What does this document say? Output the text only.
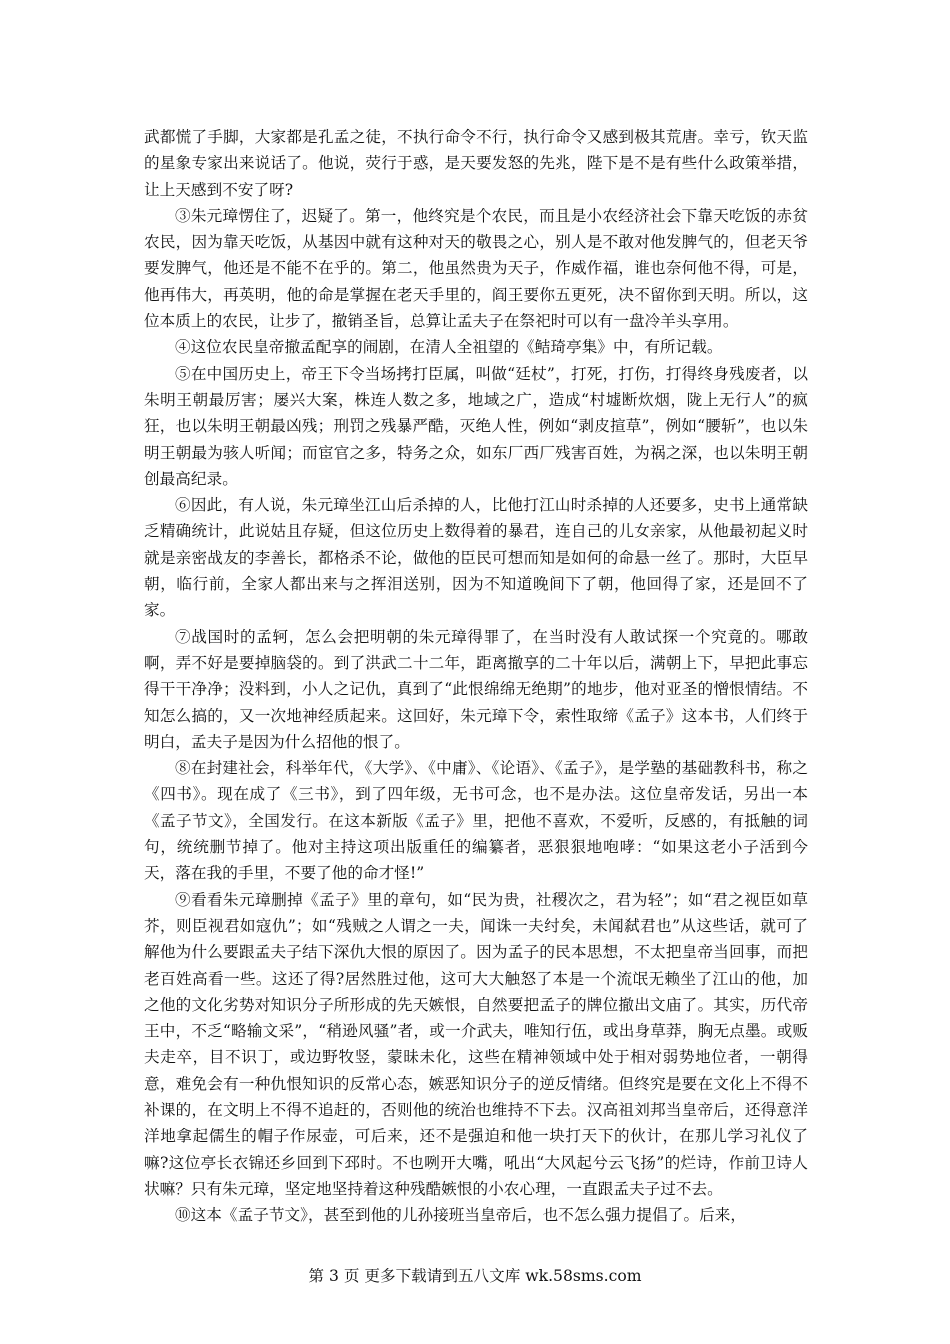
武都慌了手脚，大家都是孔孟之徒，不执行命令不行，执行命令又感到极其荒唐。幸亏，钦天监的星象专家出来说话了。他说，荧行于惑，是天要发怒的先兆，陛下是不是有些什么政策举措，让上天感到不安了呀?

③朱元璋愣住了，迟疑了。第一，他终究是个农民，而且是小农经济社会下靠天吃饭的赤贫农民，因为靠天吃饭，从基因中就有这种对天的敬畏之心，别人是不敢对他发脾气的，但老天爷要发脾气，他还是不能不在乎的。第二，他虽然贵为天子，作威作福，谁也奈何他不得，可是，他再伟大，再英明，他的命是掌握在老天手里的，阎王要你五更死，决不留你到天明。所以，这位本质上的农民，让步了，撤销圣旨，总算让孟夫子在祭祀时可以有一盘冷羊头享用。

④这位农民皇帝撤孟配享的闹剧，在清人全祖望的《鲒琦亭集》中，有所记载。

⑤在中国历史上，帝王下令当场拷打臣属，叫做“廷杖”，打死，打伤，打得终身残废者，以朱明王朝最厉害；屡兴大案，株连人数之多，地域之广，造成“村墟断炊烟，陇上无行人”的疯狂，也以朱明王朝最凶残；刑罚之残暴严酷，灭绝人性，例如“剥皮揎草”，例如“腰斩”，也以朱明王朝最为骇人听闻；而宦官之多，特务之众，如东厂西厂残害百姓，为祸之深，也以朱明王朝创最高纪录。

⑥因此，有人说，朱元璋坐江山后杀掉的人，比他打江山时杀掉的人还要多，史书上通常缺乏精确统计，此说姑且存疑，但这位历史上数得着的暴君，连自己的儿女亲家，从他最初起义时就是亲密战友的李善长，都格杀不论，做他的臣民可想而知是如何的命悬一丝了。那时，大臣早朝，临行前，全家人都出来与之挥泪送别，因为不知道晚间下了朝，他回得了家，还是回不了家。

⑦战国时的孟轲，怎么会把明朝的朱元璋得罪了，在当时没有人敢试探一个究竟的。哪敢啊，弄不好是要掉脑袋的。到了洪武二十二年，距离撤享的二十年以后，满朝上下，早把此事忘得干干净净；没料到，小人之记仇，真到了“此恨绵绵无绝期”的地步，他对亚圣的憎恨情结。不知怎么搞的，又一次地神经质起来。这回好，朱元璋下令，索性取缔《孟子》这本书，人们终于明白，孟夫子是因为什么招他的恨了。

⑧在封建社会，科举年代，《大学》、《中庸》、《论语》、《孟子》，是学塾的基础教科书，称之《四书》。现在成了《三书》，到了四年级，无书可念，也不是办法。这位皇帝发话，另出一本《孟子节文》，全国发行。在这本新版《孟子》里，把他不喜欢，不爱听，反感的，有抵触的词句，统统删节掉了。他对主持这项出版重任的编纂者，恶狠狠地咆哮：“如果这老小子活到今天，落在我的手里，不要了他的命才怪!”

⑨看看朱元璋删掉《孟子》里的章句，如“民为贵，社稷次之，君为轻”；如“君之视臣如草芥，则臣视君如寇仇”；如“残贼之人谓之一夫，闻诛一夫纣矣，未闻弑君也”从这些话，就可了解他为什么要跟孟夫子结下深仇大恨的原因了。因为孟子的民本思想，不太把皇帝当回事，而把老百姓高看一些。这还了得?居然胜过他，这可大大触怒了本是一个流氓无赖坐了江山的他，加之他的文化劣势对知识分子所形成的先天嫉恨，自然要把孟子的牌位撤出文庙了。其实，历代帝王中，不乏“略输文采”，“稍逊风骚”者，或一介武夫，唯知行伍，或出身草莽，胸无点墨。或贩夫走卒，目不识丁，或边野牧竖，蒙昧未化，这些在精神领域中处于相对弱势地位者，一朝得意，难免会有一种仇恨知识的反常心态，嫉恶知识分子的逆反情绪。但终究是要在文化上不得不补课的，在文明上不得不追赶的，否则他的统治也维持不下去。汉高祖刘邦当皇帝后，还得意洋洋地拿起儒生的帽子作尿壶，可后来，还不是强迫和他一块打天下的伙计，在那儿学习礼仪了嘛?这位亭长衣锦还乡回到下邳时。不也咧开大嘴，吼出“大风起兮云飞扬”的烂诗，作前卫诗人状嘛？只有朱元璋，坚定地坚持着这种残酷嫉恨的小农心理，一直跟孟夫子过不去。

⑩这本《孟子节文》，甚至到他的儿孙接班当皇帝后，也不怎么强力提倡了。后来，

第 3 页 更多下载请到五八文库 wk.58sms.com
